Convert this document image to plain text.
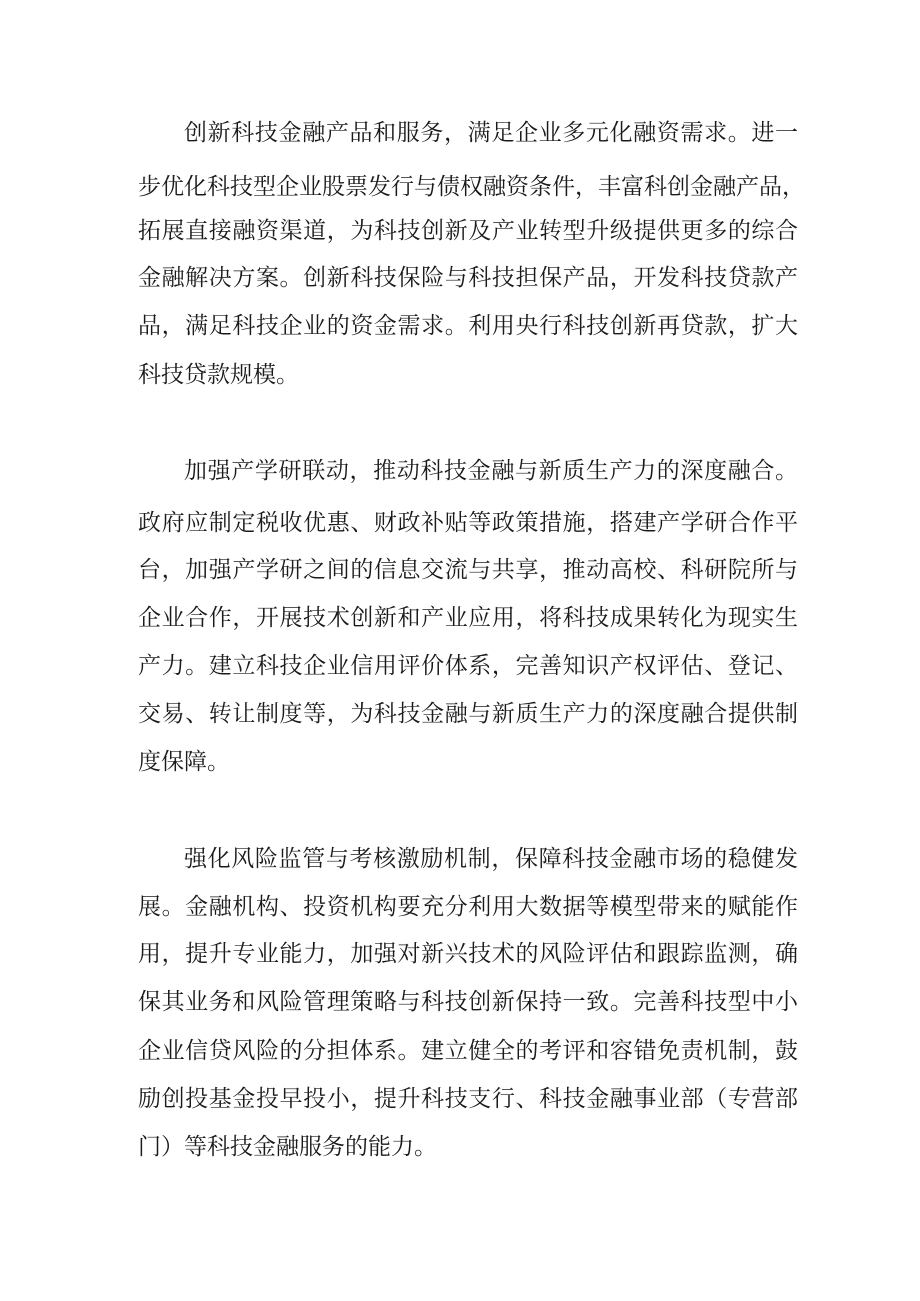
创新科技金融产品和服务，满足企业多元化融资需求。进一
步优化科技型企业股票发行与债权融资条件，丰富科创金融产品，
拓展直接融资渠道，为科技创新及产业转型升级提供更多的综合
金融解决方案。创新科技保险与科技担保产品，开发科技贷款产
品，满足科技企业的资金需求。利用央行科技创新再贷款，扩大
科技贷款规模。
加强产学研联动，推动科技金融与新质生产力的深度融合。
政府应制定税收优惠、财政补贴等政策措施，搭建产学研合作平
台，加强产学研之间的信息交流与共享，推动高校、科研院所与
企业合作，开展技术创新和产业应用，将科技成果转化为现实生
产力。建立科技企业信用评价体系，完善知识产权评估、登记、
交易、转让制度等，为科技金融与新质生产力的深度融合提供制
度保障。
强化风险监管与考核激励机制，保障科技金融市场的稳健发
展。金融机构、投资机构要充分利用大数据等模型带来的赋能作
用，提升专业能力，加强对新兴技术的风险评估和跟踪监测，确
保其业务和风险管理策略与科技创新保持一致。完善科技型中小
企业信贷风险的分担体系。建立健全的考评和容错免责机制，鼓
励创投基金投早投小，提升科技支行、科技金融事业部（专营部
门）等科技金融服务的能力。
